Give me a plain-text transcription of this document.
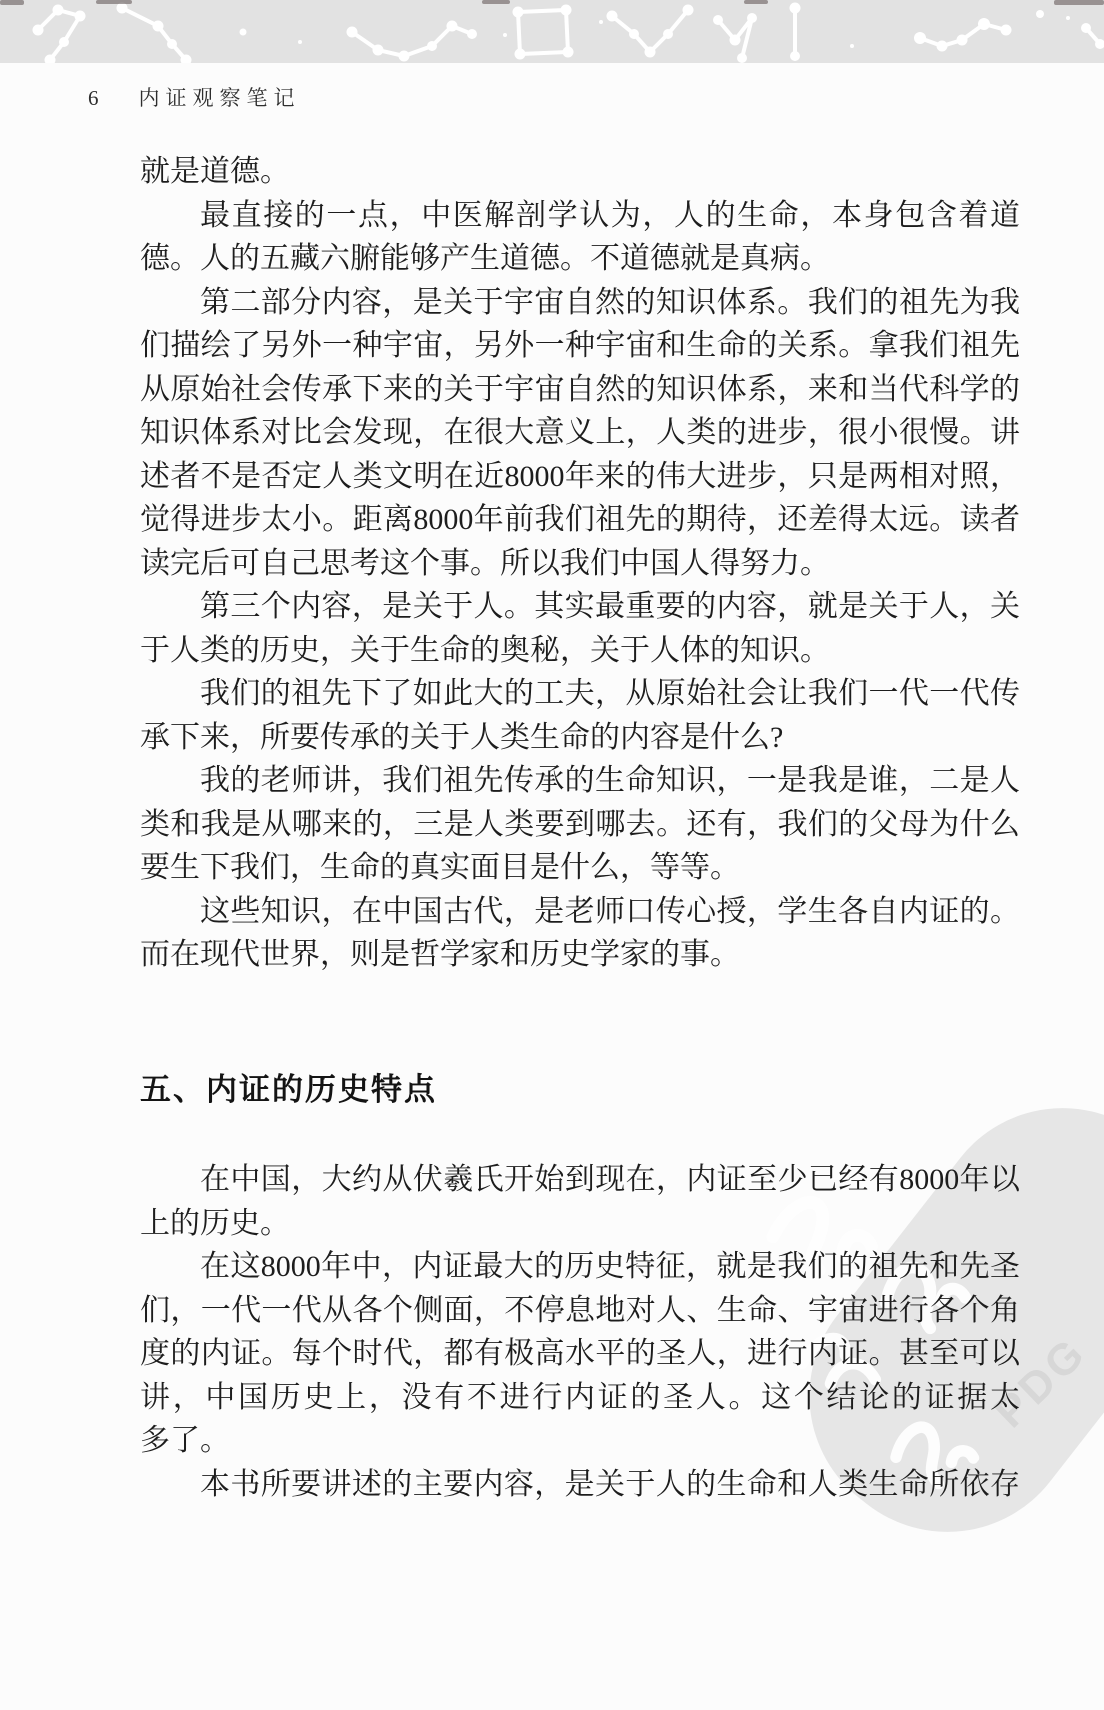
6 内证观察笔记
PDG
就是道德。
最直接的一点，中医解剖学认为，人的生命，本身包含着道
德。人的五藏六腑能够产生道德。不道德就是真病。
第二部分内容，是关于宇宙自然的知识体系。我们的祖先为我
们描绘了另外一种宇宙，另外一种宇宙和生命的关系。拿我们祖先
从原始社会传承下来的关于宇宙自然的知识体系，来和当代科学的
知识体系对比会发现，在很大意义上，人类的进步，很小很慢。讲
述者不是否定人类文明在近8000年来的伟大进步，只是两相对照，
觉得进步太小。距离8000年前我们祖先的期待，还差得太远。读者
读完后可自己思考这个事。所以我们中国人得努力。
第三个内容，是关于人。其实最重要的内容，就是关于人，关
于人类的历史，关于生命的奥秘，关于人体的知识。
我们的祖先下了如此大的工夫，从原始社会让我们一代一代传
承下来，所要传承的关于人类生命的内容是什么?
我的老师讲，我们祖先传承的生命知识，一是我是谁，二是人
类和我是从哪来的，三是人类要到哪去。还有，我们的父母为什么
要生下我们，生命的真实面目是什么，等等。
这些知识，在中国古代，是老师口传心授，学生各自内证的。
而在现代世界，则是哲学家和历史学家的事。
五、内证的历史特点
在中国，大约从伏羲氏开始到现在，内证至少已经有8000年以
上的历史。
在这8000年中，内证最大的历史特征，就是我们的祖先和先圣
们，一代一代从各个侧面，不停息地对人、生命、宇宙进行各个角
度的内证。每个时代，都有极高水平的圣人，进行内证。甚至可以
讲，中国历史上，没有不进行内证的圣人。这个结论的证据太
多了。
本书所要讲述的主要内容，是关于人的生命和人类生命所依存
